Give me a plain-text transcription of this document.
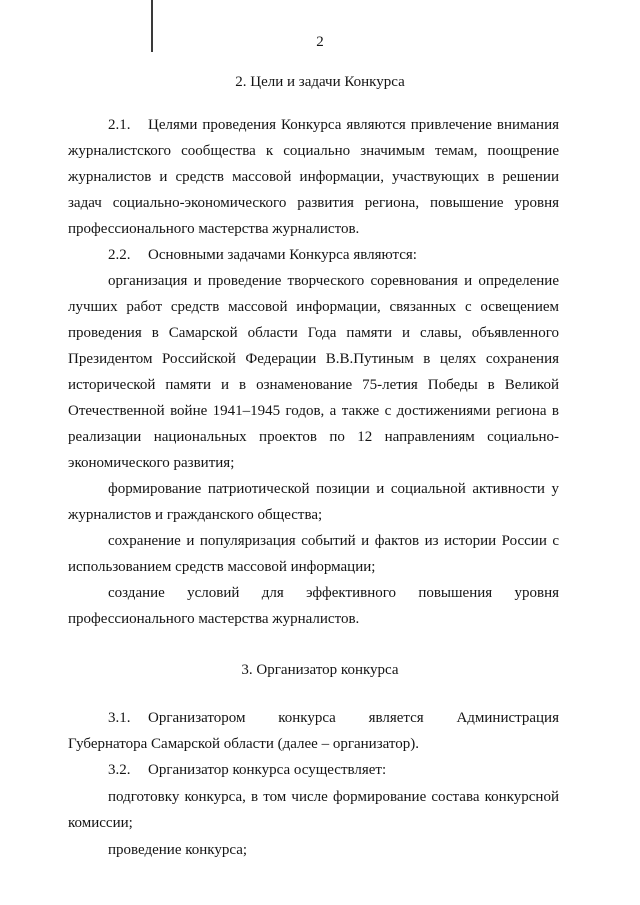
2
2. Цели и задачи Конкурса
2.1. Целями проведения Конкурса являются привлечение внимания
журналистского сообщества к социально значимым темам, поощрение
журналистов и средств массовой информации, участвующих в решении
задач социально-экономического развития региона, повышение уровня
профессионального мастерства журналистов.
2.2. Основными задачами Конкурса являются:
организация и проведение творческого соревнования и определение
лучших работ средств массовой информации, связанных с освещением
проведения в Самарской области Года памяти и славы, объявленного
Президентом Российской Федерации В.В.Путиным в целях сохранения
исторической памяти и в ознаменование 75-летия Победы в Великой
Отечественной войне 1941–1945 годов, а также с достижениями региона в
реализации национальных проектов по 12 направлениям социально-
экономического развития;
формирование патриотической позиции и социальной активности у
журналистов и гражданского общества;
сохранение и популяризация событий и фактов из истории России с
использованием средств массовой информации;
создание условий для эффективного повышения уровня
профессионального мастерства журналистов.
3. Организатор конкурса
3.1. Организатором конкурса является Администрация
Губернатора Самарской области (далее – организатор).
3.2. Организатор конкурса осуществляет:
подготовку конкурса, в том числе формирование состава конкурсной
комиссии;
проведение конкурса;
